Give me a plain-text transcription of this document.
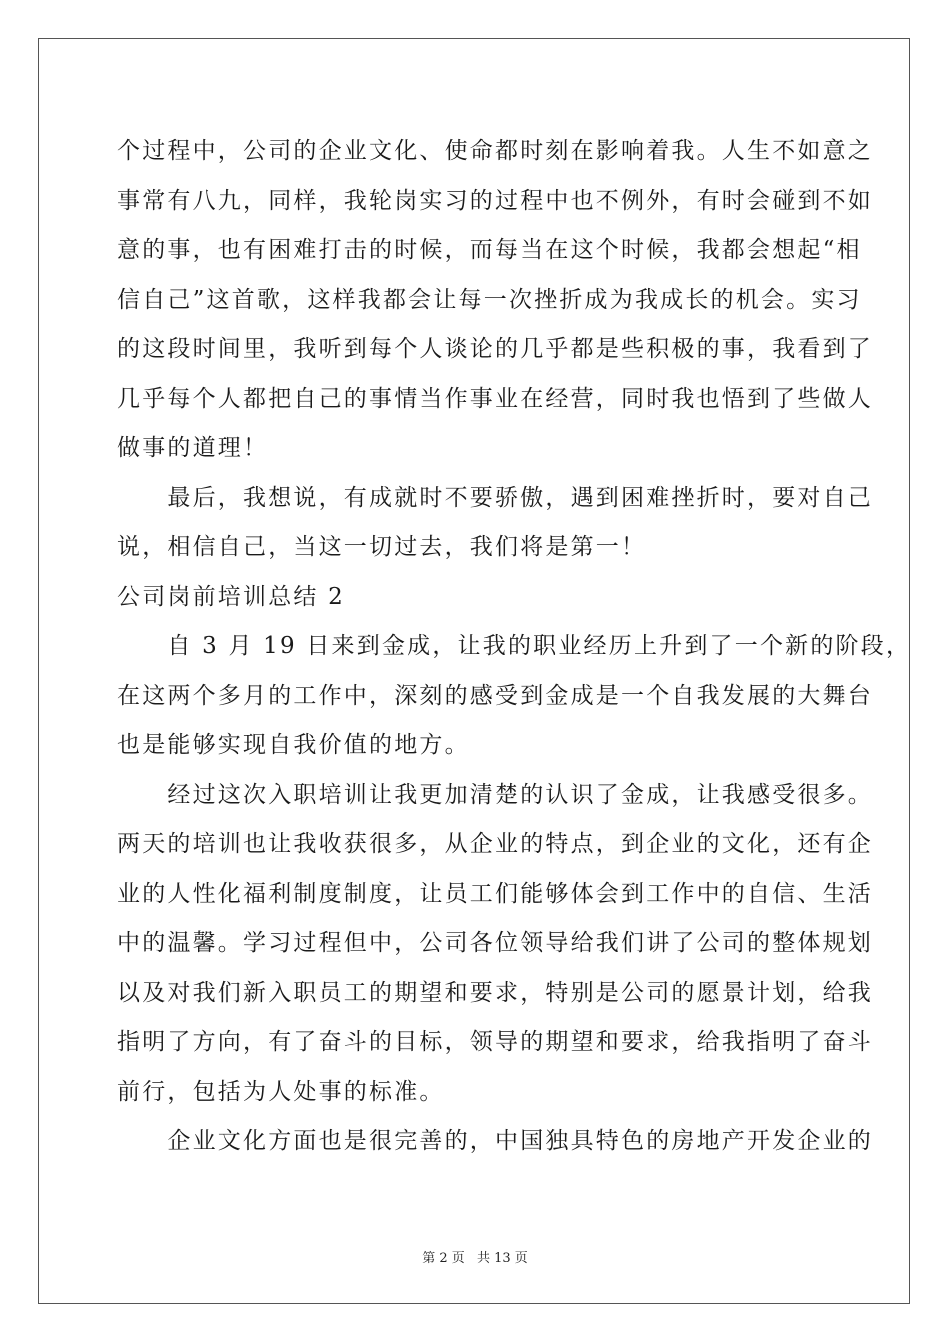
个过程中，公司的企业文化、使命都时刻在影响着我。人生不如意之
事常有八九，同样，我轮岗实习的过程中也不例外，有时会碰到不如
意的事，也有困难打击的时候，而每当在这个时候，我都会想起“相
信自己”这首歌，这样我都会让每一次挫折成为我成长的机会。实习
的这段时间里，我听到每个人谈论的几乎都是些积极的事，我看到了
几乎每个人都把自己的事情当作事业在经营，同时我也悟到了些做人
做事的道理！
　　最后，我想说，有成就时不要骄傲，遇到困难挫折时，要对自己
说，相信自己，当这一切过去，我们将是第一！
公司岗前培训总结 2
　　自 3 月 19 日来到金成，让我的职业经历上升到了一个新的阶段，
在这两个多月的工作中，深刻的感受到金成是一个自我发展的大舞台
也是能够实现自我价值的地方。
　　经过这次入职培训让我更加清楚的认识了金成，让我感受很多。
两天的培训也让我收获很多，从企业的特点，到企业的文化，还有企
业的人性化福利制度制度，让员工们能够体会到工作中的自信、生活
中的温馨。学习过程但中，公司各位领导给我们讲了公司的整体规划
以及对我们新入职员工的期望和要求，特别是公司的愿景计划，给我
指明了方向，有了奋斗的目标，领导的期望和要求，给我指明了奋斗
前行，包括为人处事的标准。
　　企业文化方面也是很完善的，中国独具特色的房地产开发企业的
第 2 页 共 13 页
